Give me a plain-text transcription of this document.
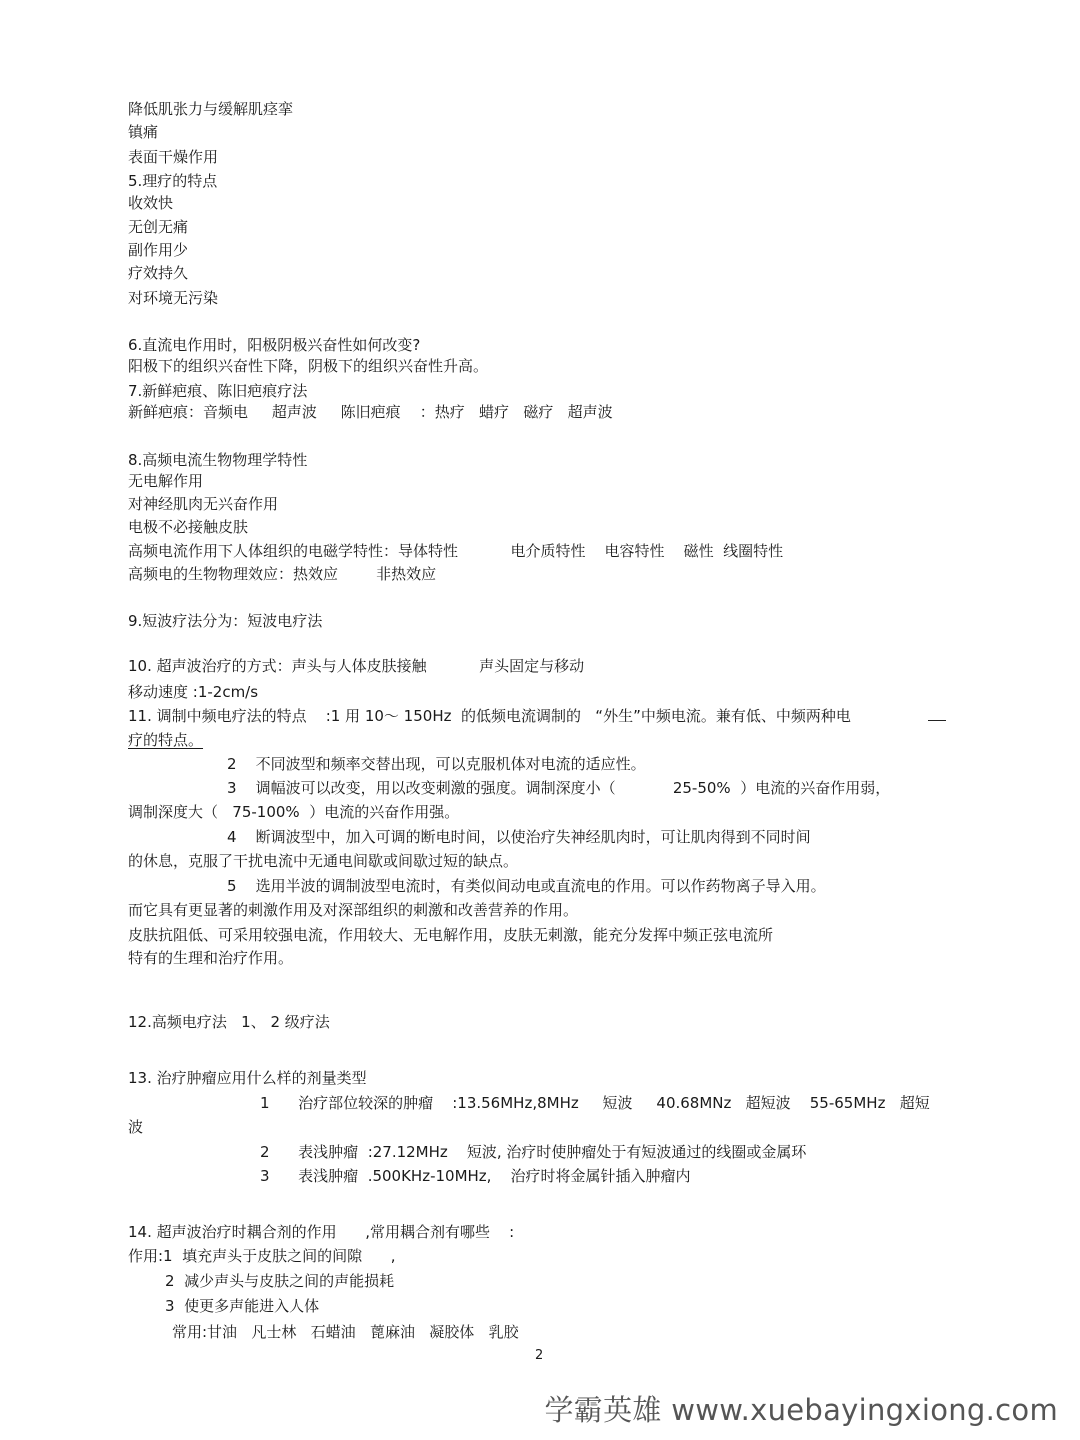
降低肌张力与缓解肌痉挛
镇痛
表面干燥作用
5.理疗的特点
收效快
无创无痛
副作用少
疗效持久
对环境无污染
6.直流电作用时，阳极阴极兴奋性如何改变?
阳极下的组织兴奋性下降，阴极下的组织兴奋性升高。
7.新鲜疤痕、陈旧疤痕疗法
新鲜疤痕：音频电     超声波     陈旧疤痕    ：热疗   蜡疗   磁疗   超声波
8.高频电流生物物理学特性
无电解作用
对神经肌肉无兴奋作用
电极不必接触皮肤
高频电流作用下人体组织的电磁学特性：导体特性           电介质特性    电容特性    磁性  线圈特性
高频电的生物物理效应：热效应        非热效应
9.短波疗法分为：短波电疗法
10. 超声波治疗的方式：声头与人体皮肤接触           声头固定与移动
移动速度 :1-2cm/s
11. 调制中频电疗法的特点    :1 用 10～ 150Hz  的低频电流调制的   “外生”中频电流。兼有低、中频两种电
疗的特点。
2    不同波型和频率交替出现，可以克服机体对电流的适应性。
3    调幅波可以改变，用以改变刺激的强度。调制深度小（            25-50%  ）电流的兴奋作用弱，
调制深度大（   75-100%  ）电流的兴奋作用强。
4    断调波型中，加入可调的断电时间，以使治疗失神经肌肉时，可让肌肉得到不同时间
的休息，克服了干扰电流中无通电间歇或间歇过短的缺点。
5    选用半波的调制波型电流时，有类似间动电或直流电的作用。可以作药物离子导入用。
而它具有更显著的刺激作用及对深部组织的刺激和改善营养的作用。
皮肤抗阻低、可采用较强电流，作用较大、无电解作用，皮肤无刺激，能充分发挥中频正弦电流所
特有的生理和治疗作用。
12.高频电疗法   1、 2 级疗法
13. 治疗肿瘤应用什么样的剂量类型
1      治疗部位较深的肿瘤    :13.56MHz,8MHz     短波     40.68MNz   超短波    55-65MHz   超短
波
2      表浅肿瘤  :27.12MHz    短波, 治疗时使肿瘤处于有短波通过的线圈或金属环
3      表浅肿瘤  .500KHz-10MHz,    治疗时将金属针插入肿瘤内
14. 超声波治疗时耦合剂的作用      ,常用耦合剂有哪些    :
作用:1  填充声头于皮肤之间的间隙      ,
2  减少声头与皮肤之间的声能损耗
3  使更多声能进入人体
常用:甘油   凡士林   石蜡油   蓖麻油   凝胶体   乳胶
2
学霸英雄 www.xuebayingxiong.com
